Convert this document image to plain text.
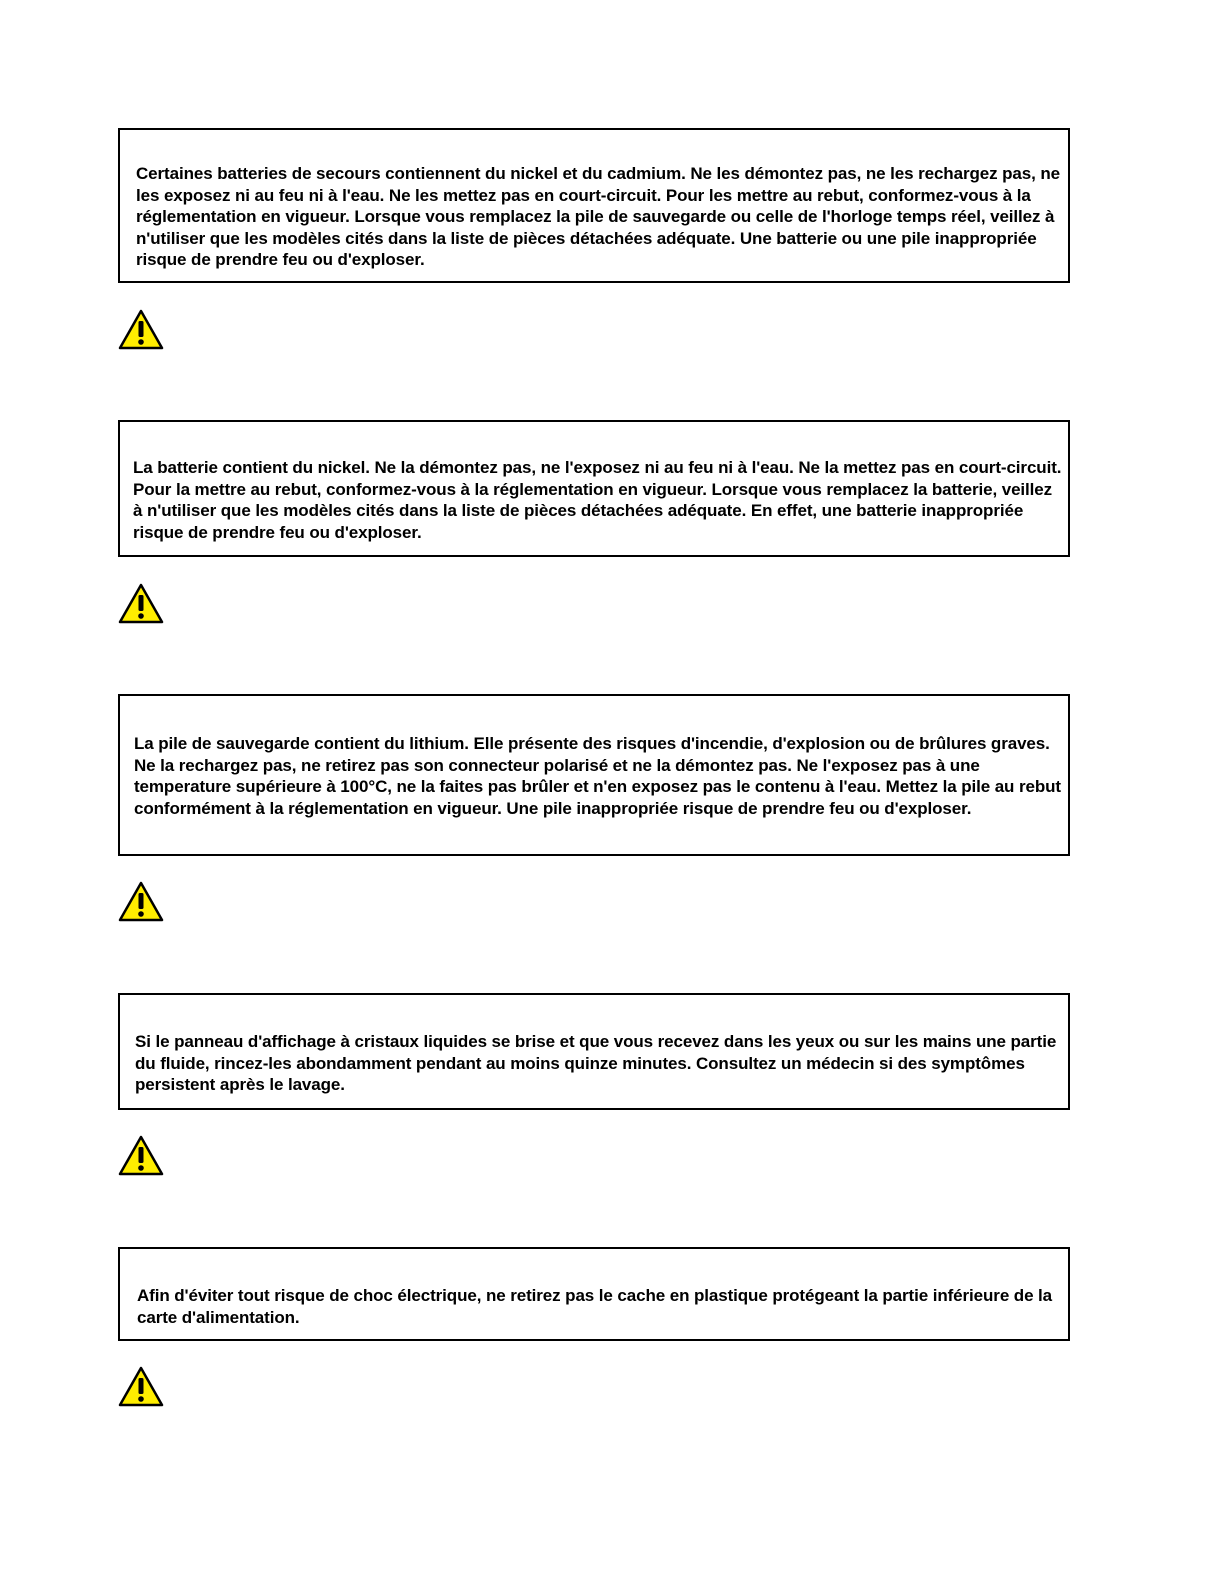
Certaines batteries de secours contiennent du nickel et du cadmium. Ne les démontez pas, ne les rechargez pas, ne les exposez ni au feu ni à l'eau. Ne les mettez pas en court-circuit. Pour les mettre au rebut, conformez-vous à la réglementation en vigueur. Lorsque vous remplacez la pile de sauvegarde ou celle de l'horloge temps réel, veillez à n'utiliser que les modèles cités dans la liste de pièces détachées adéquate. Une batterie ou une pile inappropriée risque de prendre feu ou d'exploser.

La batterie contient du nickel. Ne la démontez pas, ne l'exposez ni au feu ni à l'eau. Ne la mettez pas en court-circuit. Pour la mettre au rebut, conformez-vous à la réglementation en vigueur. Lorsque vous remplacez la batterie, veillez à n'utiliser que les modèles cités dans la liste de pièces détachées adéquate. En effet, une batterie inappropriée risque de prendre feu ou d'exploser.

La pile de sauvegarde contient du lithium. Elle présente des risques d'incendie, d'explosion ou de brûlures graves. Ne la rechargez pas, ne retirez pas son connecteur polarisé et ne la démontez pas. Ne l'exposez pas à une temperature supérieure à 100°C, ne la faites pas brûler et n'en exposez pas le contenu à l'eau. Mettez la pile au rebut conformément à la réglementation en vigueur. Une pile inappropriée risque de prendre feu ou d'exploser.

Si le panneau d'affichage à cristaux liquides se brise et que vous recevez dans les yeux ou sur les mains une partie du fluide, rincez-les abondamment pendant au moins quinze minutes. Consultez un médecin si des symptômes persistent après le lavage.

Afin d'éviter tout risque de choc électrique, ne retirez pas le cache en plastique protégeant la partie inférieure de la carte d'alimentation.
